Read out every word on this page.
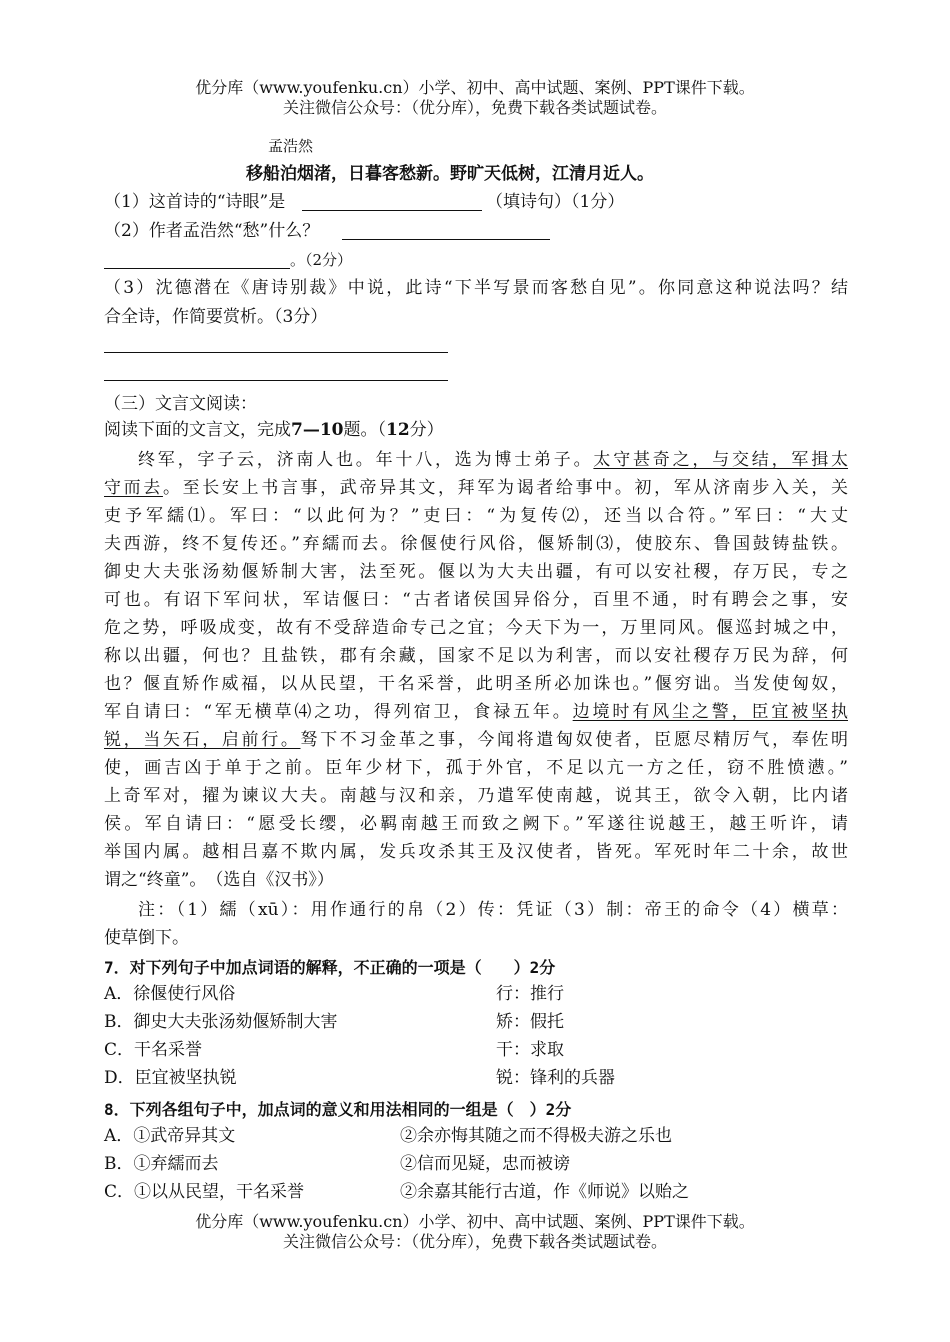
优分库（www.youfenku.cn）小学、初中、高中试题、案例、PPT课件下载。
关注微信公众号：（优分库），免费下载各类试题试卷。
孟浩然
移船泊烟渚，日暮客愁新。野旷天低树，江清月近人。
（1）这首诗的“诗眼”是	（填诗句）（1分）
（2）作者孟浩然“愁”什么？
。（2分）
（3）沈德潜在《唐诗别裁》中说，此诗“下半写景而客愁自见”。你同意这种说法吗？结
合全诗，作简要赏析。（3分）
（三）文言文阅读：
阅读下面的文言文，完成7—10题。（12分）
终军，字子云，济南人也。年十八，选为博士弟子。太守甚奇之，与交结，军揖太
守而去。至长安上书言事，武帝异其文，拜军为谒者给事中。初，军从济南步入关，关
吏予军繻⑴。军曰：“以此何为？”吏曰：“为复传⑵，还当以合符。”军曰：“大丈
夫西游，终不复传还。”弃繻而去。徐偃使行风俗，偃矫制⑶，使胶东、鲁国鼓铸盐铁。
御史大夫张汤劾偃矫制大害，法至死。偃以为大夫出疆，有可以安社稷，存万民，专之
可也。有诏下军问状，军诘偃曰：“古者诸侯国异俗分，百里不通，时有聘会之事，安
危之势，呼吸成变，故有不受辞造命专己之宜；今天下为一，万里同风。偃巡封城之中，
称以出疆，何也？且盐铁，郡有余藏，国家不足以为利害，而以安社稷存万民为辞，何
也？偃直矫作威福，以从民望，干名采誉，此明圣所必加诛也。”偃穷诎。当发使匈奴，
军自请曰：“军无横草⑷之功，得列宿卫，食禄五年。边境时有风尘之警，臣宜被坚执
锐，当矢石，启前行。驽下不习金革之事，今闻将遣匈奴使者，臣愿尽精厉气，奉佐明
使，画吉凶于单于之前。臣年少材下，孤于外官，不足以亢一方之任，窃不胜愤懑。”
上奇军对，擢为谏议大夫。南越与汉和亲，乃遣军使南越，说其王，欲令入朝，比内诸
侯。军自请曰：“愿受长缨，必羁南越王而致之阙下。”军遂往说越王，越王听许，请
举国内属。越相吕嘉不欺内属，发兵攻杀其王及汉使者，皆死。军死时年二十余，故世
谓之“终童”。　（选自《汉书》）
注：（1）繻（xū）：用作通行的帛（2）传：凭证（3）制：帝王的命令（4）横草：
使草倒下。
7．对下列句子中加点词语的解释，不正确的一项是（　　）2分
A．徐偃使行风俗	行：推行
B．御史大夫张汤劾偃矫制大害	矫：假托
C．干名采誉	干：求取
D．臣宜被坚执锐	锐：锋利的兵器
8．下列各组句子中，加点词的意义和用法相同的一组是（　）2分
A．①武帝异其文	②余亦悔其随之而不得极夫游之乐也
B．①弃繻而去	②信而见疑，忠而被谤
C．①以从民望，干名采誉	②余嘉其能行古道，作《师说》以贻之
优分库（www.youfenku.cn）小学、初中、高中试题、案例、PPT课件下载。
关注微信公众号：（优分库），免费下载各类试题试卷。
